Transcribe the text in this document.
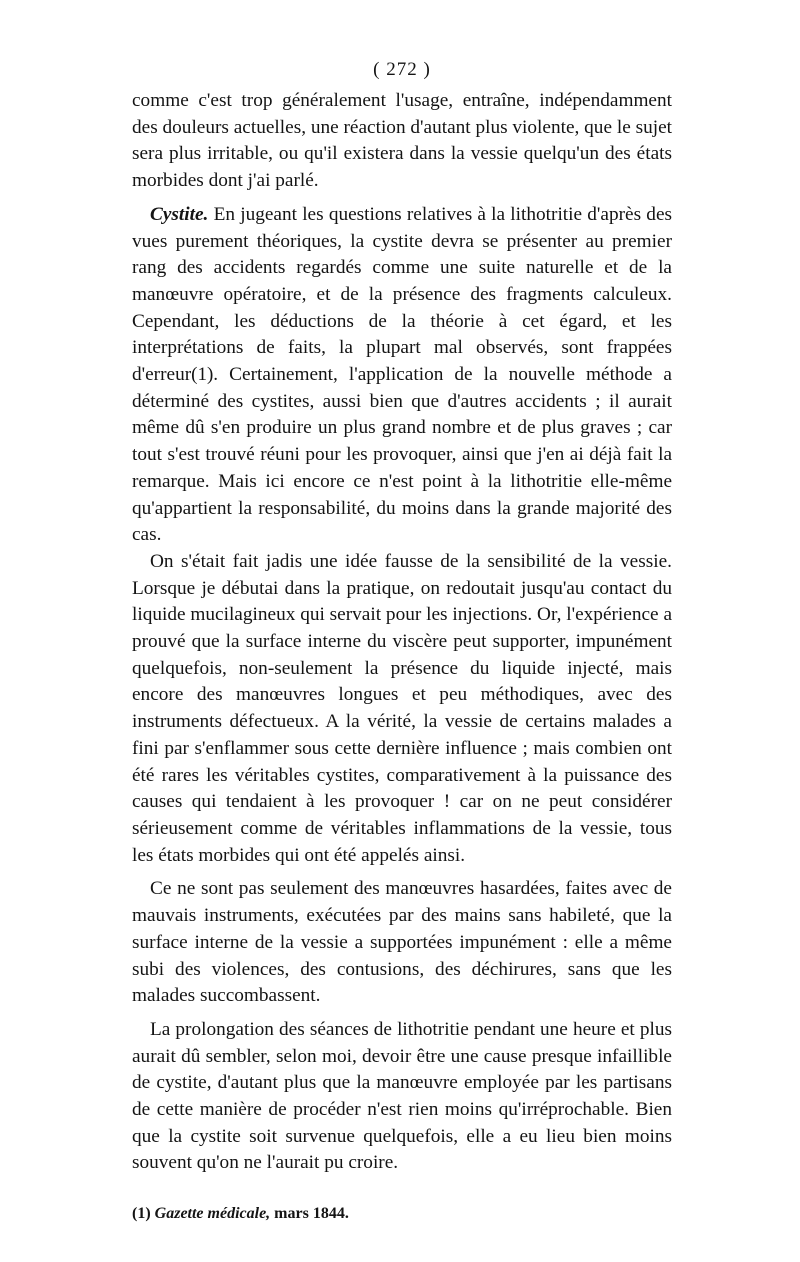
( 272 )

comme c'est trop généralement l'usage, entraîne, indépendamment des douleurs actuelles, une réaction d'autant plus violente, que le sujet sera plus irritable, ou qu'il existera dans la vessie quelqu'un des états morbides dont j'ai parlé.

Cystite. En jugeant les questions relatives à la lithotritie d'après des vues purement théoriques, la cystite devra se présenter au premier rang des accidents regardés comme une suite naturelle et de la manœuvre opératoire, et de la présence des fragments calculeux. Cependant, les déductions de la théorie à cet égard, et les interprétations de faits, la plupart mal observés, sont frappées d'erreur(1). Certainement, l'application de la nouvelle méthode a déterminé des cystites, aussi bien que d'autres accidents ; il aurait même dû s'en produire un plus grand nombre et de plus graves ; car tout s'est trouvé réuni pour les provoquer, ainsi que j'en ai déjà fait la remarque. Mais ici encore ce n'est point à la lithotritie elle-même qu'appartient la responsabilité, du moins dans la grande majorité des cas.

On s'était fait jadis une idée fausse de la sensibilité de la vessie. Lorsque je débutai dans la pratique, on redoutait jusqu'au contact du liquide mucilagineux qui servait pour les injections. Or, l'expérience a prouvé que la surface interne du viscère peut supporter, impunément quelquefois, non-seulement la présence du liquide injecté, mais encore des manœuvres longues et peu méthodiques, avec des instruments défectueux. A la vérité, la vessie de certains malades a fini par s'enflammer sous cette dernière influence ; mais combien ont été rares les véritables cystites, comparativement à la puissance des causes qui tendaient à les provoquer ! car on ne peut considérer sérieusement comme de véritables inflammations de la vessie, tous les états morbides qui ont été appelés ainsi.

Ce ne sont pas seulement des manœuvres hasardées, faites avec de mauvais instruments, exécutées par des mains sans habileté, que la surface interne de la vessie a supportées impunément : elle a même subi des violences, des contusions, des déchirures, sans que les malades succombassent.

La prolongation des séances de lithotritie pendant une heure et plus aurait dû sembler, selon moi, devoir être une cause presque infaillible de cystite, d'autant plus que la manœuvre employée par les partisans de cette manière de procéder n'est rien moins qu'irréprochable. Bien que la cystite soit survenue quelquefois, elle a eu lieu bien moins souvent qu'on ne l'aurait pu croire.

(1) Gazette médicale, mars 1844.
